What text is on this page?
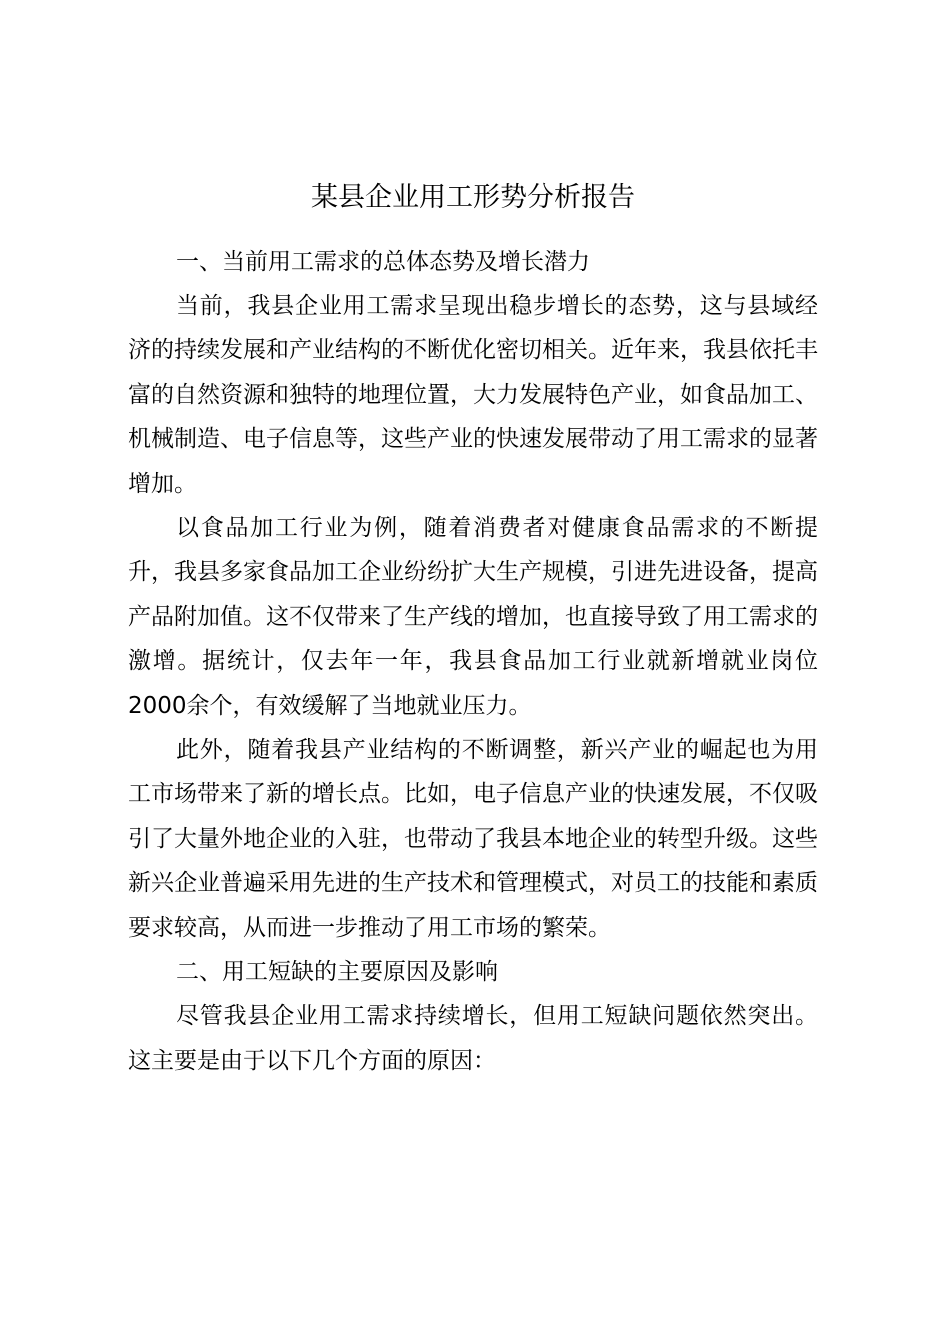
某县企业用工形势分析报告
一、当前用工需求的总体态势及增长潜力

当前，我县企业用工需求呈现出稳步增长的态势，这与县域经济的持续发展和产业结构的不断优化密切相关。近年来，我县依托丰富的自然资源和独特的地理位置，大力发展特色产业，如食品加工、机械制造、电子信息等，这些产业的快速发展带动了用工需求的显著增加。

以食品加工行业为例，随着消费者对健康食品需求的不断提升，我县多家食品加工企业纷纷扩大生产规模，引进先进设备，提高产品附加值。这不仅带来了生产线的增加，也直接导致了用工需求的激增。据统计，仅去年一年，我县食品加工行业就新增就业岗位2000余个，有效缓解了当地就业压力。

此外，随着我县产业结构的不断调整，新兴产业的崛起也为用工市场带来了新的增长点。比如，电子信息产业的快速发展，不仅吸引了大量外地企业的入驻，也带动了我县本地企业的转型升级。这些新兴企业普遍采用先进的生产技术和管理模式，对员工的技能和素质要求较高，从而进一步推动了用工市场的繁荣。

二、用工短缺的主要原因及影响

尽管我县企业用工需求持续增长，但用工短缺问题依然突出。这主要是由于以下几个方面的原因：
